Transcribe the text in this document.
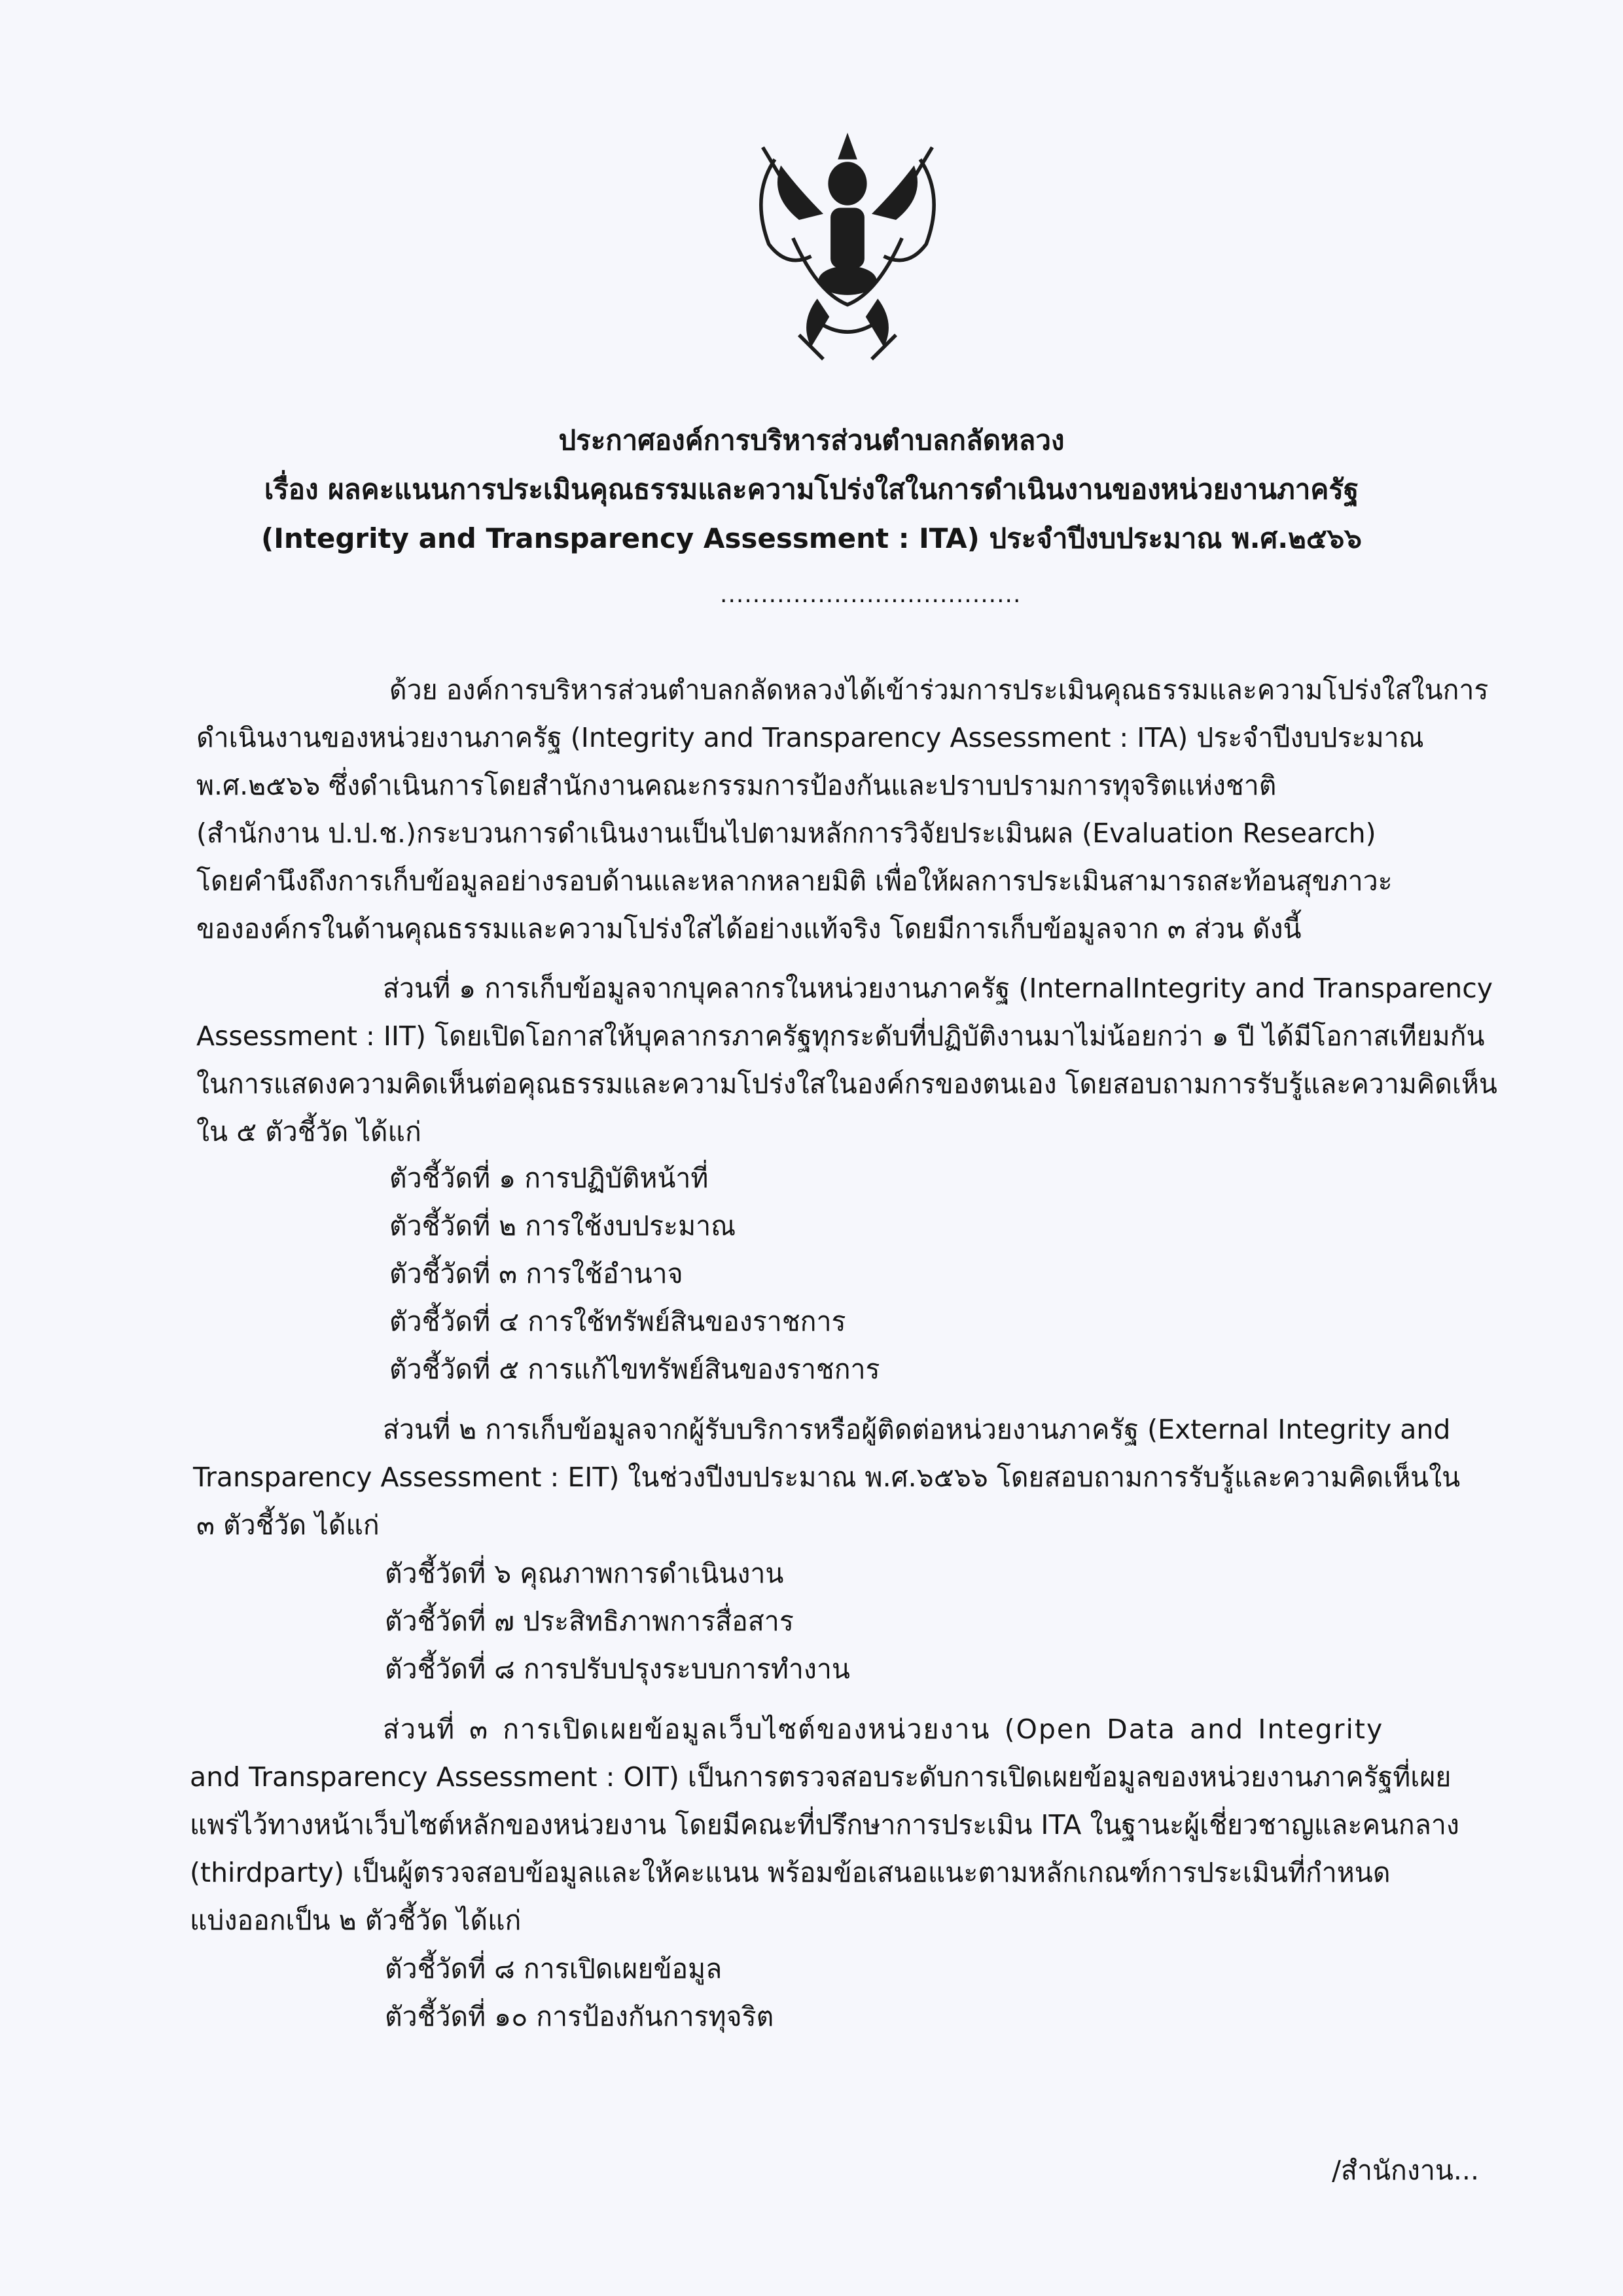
ประกาศองค์การบริหารส่วนตำบลกลัดหลวง
เรื่อง ผลคะแนนการประเมินคุณธรรมและความโปร่งใสในการดำเนินงานของหน่วยงานภาครัฐ
(Integrity and Transparency Assessment : ITA) ประจำปีงบประมาณ พ.ศ.๒๕๖๖
.....................................
ด้วย องค์การบริหารส่วนตำบลกลัดหลวงได้เข้าร่วมการประเมินคุณธรรมและความโปร่งใสในการ
ดำเนินงานของหน่วยงานภาครัฐ (Integrity and Transparency Assessment : ITA) ประจำปีงบประมาณ
พ.ศ.๒๕๖๖ ซึ่งดำเนินการโดยสำนักงานคณะกรรมการป้องกันและปราบปรามการทุจริตแห่งชาติ
(สำนักงาน ป.ป.ช.)กระบวนการดำเนินงานเป็นไปตามหลักการวิจัยประเมินผล (Evaluation Research)
โดยคำนึงถึงการเก็บข้อมูลอย่างรอบด้านและหลากหลายมิติ เพื่อให้ผลการประเมินสามารถสะท้อนสุขภาวะ
ขององค์กรในด้านคุณธรรมและความโปร่งใสได้อย่างแท้จริง โดยมีการเก็บข้อมูลจาก ๓ ส่วน ดังนี้
ส่วนที่ ๑ การเก็บข้อมูลจากบุคลากรในหน่วยงานภาครัฐ (InternalIntegrity and Transparency
Assessment : IIT) โดยเปิดโอกาสให้บุคลากรภาครัฐทุกระดับที่ปฏิบัติงานมาไม่น้อยกว่า ๑ ปี ได้มีโอกาสเทียมกัน
ในการแสดงความคิดเห็นต่อคุณธรรมและความโปร่งใสในองค์กรของตนเอง โดยสอบถามการรับรู้และความคิดเห็น
ใน ๕ ตัวชี้วัด ได้แก่
ตัวชี้วัดที่ ๑ การปฏิบัติหน้าที่
ตัวชี้วัดที่ ๒ การใช้งบประมาณ
ตัวชี้วัดที่ ๓ การใช้อำนาจ
ตัวชี้วัดที่ ๔ การใช้ทรัพย์สินของราชการ
ตัวชี้วัดที่ ๕ การแก้ไขทรัพย์สินของราชการ
ส่วนที่ ๒ การเก็บข้อมูลจากผู้รับบริการหรือผู้ติดต่อหน่วยงานภาครัฐ (External Integrity and
Transparency Assessment : EIT) ในช่วงปีงบประมาณ พ.ศ.๖๕๖๖ โดยสอบถามการรับรู้และความคิดเห็นใน
๓ ตัวชี้วัด ได้แก่
ตัวชี้วัดที่ ๖ คุณภาพการดำเนินงาน
ตัวชี้วัดที่ ๗ ประสิทธิภาพการสื่อสาร
ตัวชี้วัดที่ ๘ การปรับปรุงระบบการทำงาน
ส่วนที่ ๓ การเปิดเผยข้อมูลเว็บไซต์ของหน่วยงาน (Open Data and Integrity
and Transparency Assessment : OIT) เป็นการตรวจสอบระดับการเปิดเผยข้อมูลของหน่วยงานภาครัฐที่เผย
แพร่ไว้ทางหน้าเว็บไซต์หลักของหน่วยงาน โดยมีคณะที่ปรึกษาการประเมิน ITA ในฐานะผู้เชี่ยวชาญและคนกลาง
(thirdparty) เป็นผู้ตรวจสอบข้อมูลและให้คะแนน พร้อมข้อเสนอแนะตามหลักเกณฑ์การประเมินที่กำหนด
แบ่งออกเป็น ๒ ตัวชี้วัด ได้แก่
ตัวชี้วัดที่ ๘ การเปิดเผยข้อมูล
ตัวชี้วัดที่ ๑๐ การป้องกันการทุจริต
/สำนักงาน...
